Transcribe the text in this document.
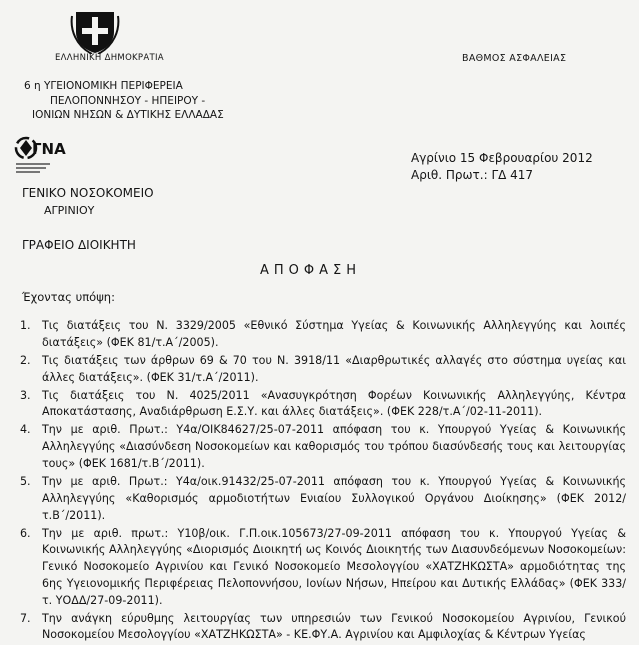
ΕΛΛΗΝΙΚΗ ΔΗΜΟΚΡΑΤΙΑ	ΒΑΘΜΟΣ ΑΣΦΑΛΕΙΑΣ
6 η ΥΓΕΙΟΝΟΜΙΚΗ ΠΕΡΙΦΕΡΕΙΑ
ΠΕΛΟΠΟΝΝΗΣΟΥ - ΗΠΕΙΡΟΥ -
ΙΟΝΙΩΝ ΝΗΣΩΝ & ΔΥΤΙΚΗΣ ΕΛΛΑΔΑΣ
ΓΝΑ	Αγρίνιο 15 Φεβρουαρίου 2012
Αριθ. Πρωτ.: ΓΔ 417
ΓΕΝΙΚΟ ΝΟΣΟΚΟΜΕΙΟ
ΑΓΡΙΝΙΟΥ
ΓΡΑΦΕΙΟ ΔΙΟΙΚΗΤΗ
ΑΠΟΦΑΣΗ
Έχοντας υπόψη:
1.	Τις διατάξεις του Ν. 3329/2005 «Εθνικό Σύστημα Υγείας & Κοινωνικής Αλληλεγγύης και λοιπές διατάξεις» (ΦΕΚ 81/τ.Α΄/2005).
2.	Τις διατάξεις των άρθρων 69 & 70 του Ν. 3918/11 «Διαρθρωτικές αλλαγές στο σύστημα υγείας και άλλες διατάξεις». (ΦΕΚ 31/τ.Α΄/2011).
3.	Τις διατάξεις του Ν. 4025/2011 «Ανασυγκρότηση Φορέων Κοινωνικής Αλληλεγγύης, Κέντρα Αποκατάστασης, Αναδιάρθρωση Ε.Σ.Υ. και άλλες διατάξεις». (ΦΕΚ 228/τ.Α΄/02-11-2011).
4.	Την με αριθ. Πρωτ.: Υ4α/ΟΙΚ84627/25-07-2011 απόφαση του κ. Υπουργού Υγείας & Κοινωνικής Αλληλεγγύης «Διασύνδεση Νοσοκομείων και καθορισμός του τρόπου διασύνδεσής τους και λειτουργίας τους» (ΦΕΚ 1681/τ.Β΄/2011).
5.	Την με αριθ. Πρωτ.: Υ4α/οικ.91432/25-07-2011 απόφαση του κ. Υπουργού Υγείας & Κοινωνικής Αλληλεγγύης «Καθορισμός αρμοδιοτήτων Ενιαίου Συλλογικού Οργάνου Διοίκησης» (ΦΕΚ 2012/τ.Β΄/2011).
6.	Την με αριθ. πρωτ.: Υ10β/οικ. Γ.Π.οικ.105673/27-09-2011 απόφαση του κ. Υπουργού Υγείας & Κοινωνικής Αλληλεγγύης «Διορισμός Διοικητή ως Κοινός Διοικητής των Διασυνδεόμενων Νοσοκομείων: Γενικό Νοσοκομείο Αγρινίου και Γενικό Νοσοκομείο Μεσολογγίου «ΧΑΤΖΗΚΩΣΤΑ» αρμοδιότητας της 6ης Υγειονομικής Περιφέρειας Πελοποννήσου, Ιονίων Νήσων, Ηπείρου και Δυτικής Ελλάδας» (ΦΕΚ 333/τ. ΥΟΔΔ/27-09-2011).
7.	Την ανάγκη εύρυθμης λειτουργίας των υπηρεσιών των Γενικού Νοσοκομείου Αγρινίου, Γενικού Νοσοκομείου Μεσολογγίου «ΧΑΤΖΗΚΩΣΤΑ» - ΚΕ.ΦΥ.Α. Αγρινίου και Αμφιλοχίας & Κέντρων Υγείας
